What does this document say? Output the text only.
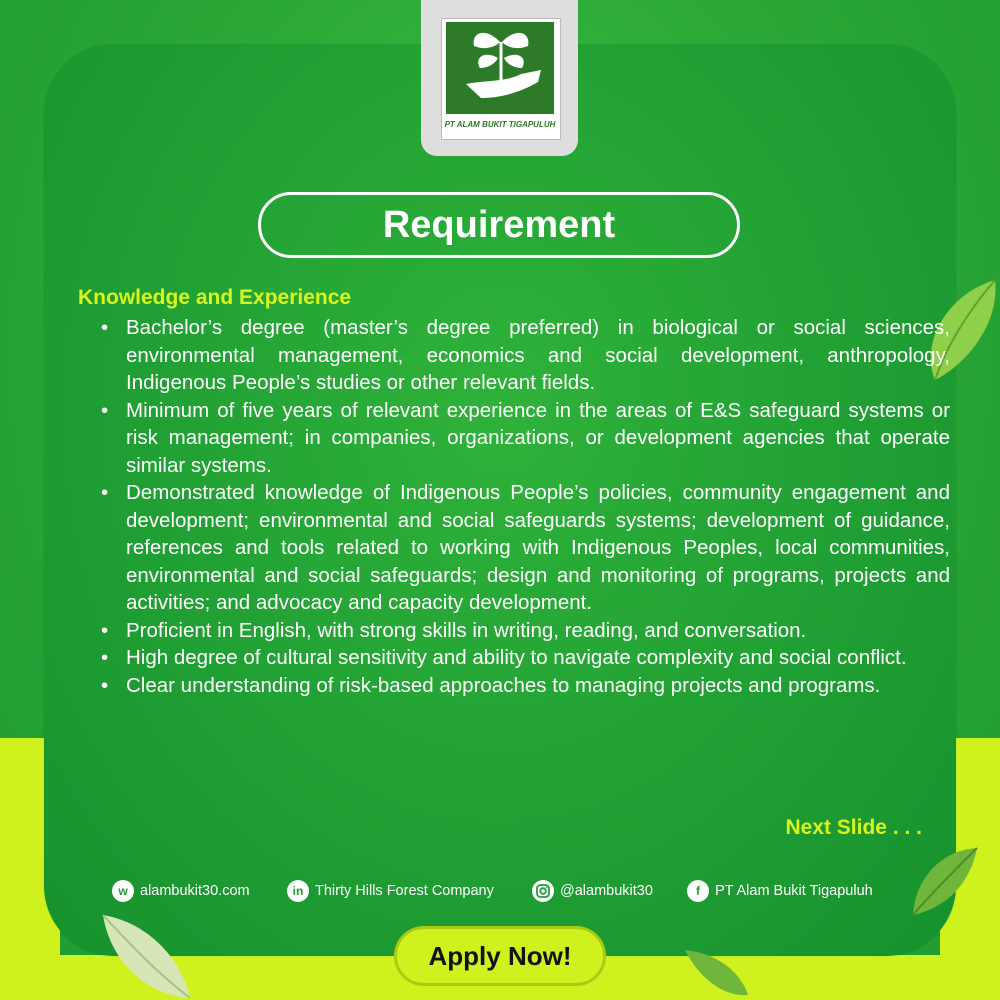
PT ALAM BUKIT TIGAPULUH
Requirement
Knowledge and Experience
• Bachelor’s degree (master’s degree preferred) in biological or social sciences, environmental management, economics and social development, anthropology, Indigenous People’s studies or other relevant fields.
• Minimum of five years of relevant experience in the areas of E&S safeguard systems or risk management; in companies, organizations, or development agencies that operate similar systems.
• Demonstrated knowledge of Indigenous People’s policies, community engagement and development; environmental and social safeguards systems; development of guidance, references and tools related to working with Indigenous Peoples, local communities, environmental and social safeguards; design and monitoring of programs, projects and activities; and advocacy and capacity development.
• Proficient in English, with strong skills in writing, reading, and conversation.
• High degree of cultural sensitivity and ability to navigate complexity and social conflict.
• Clear understanding of risk-based approaches to managing projects and programs.
Next Slide . . .
w alambukit30.com	in Thirty Hills Forest Company	@alambukit30	f	PT Alam Bukit Tigapuluh
Apply Now!
